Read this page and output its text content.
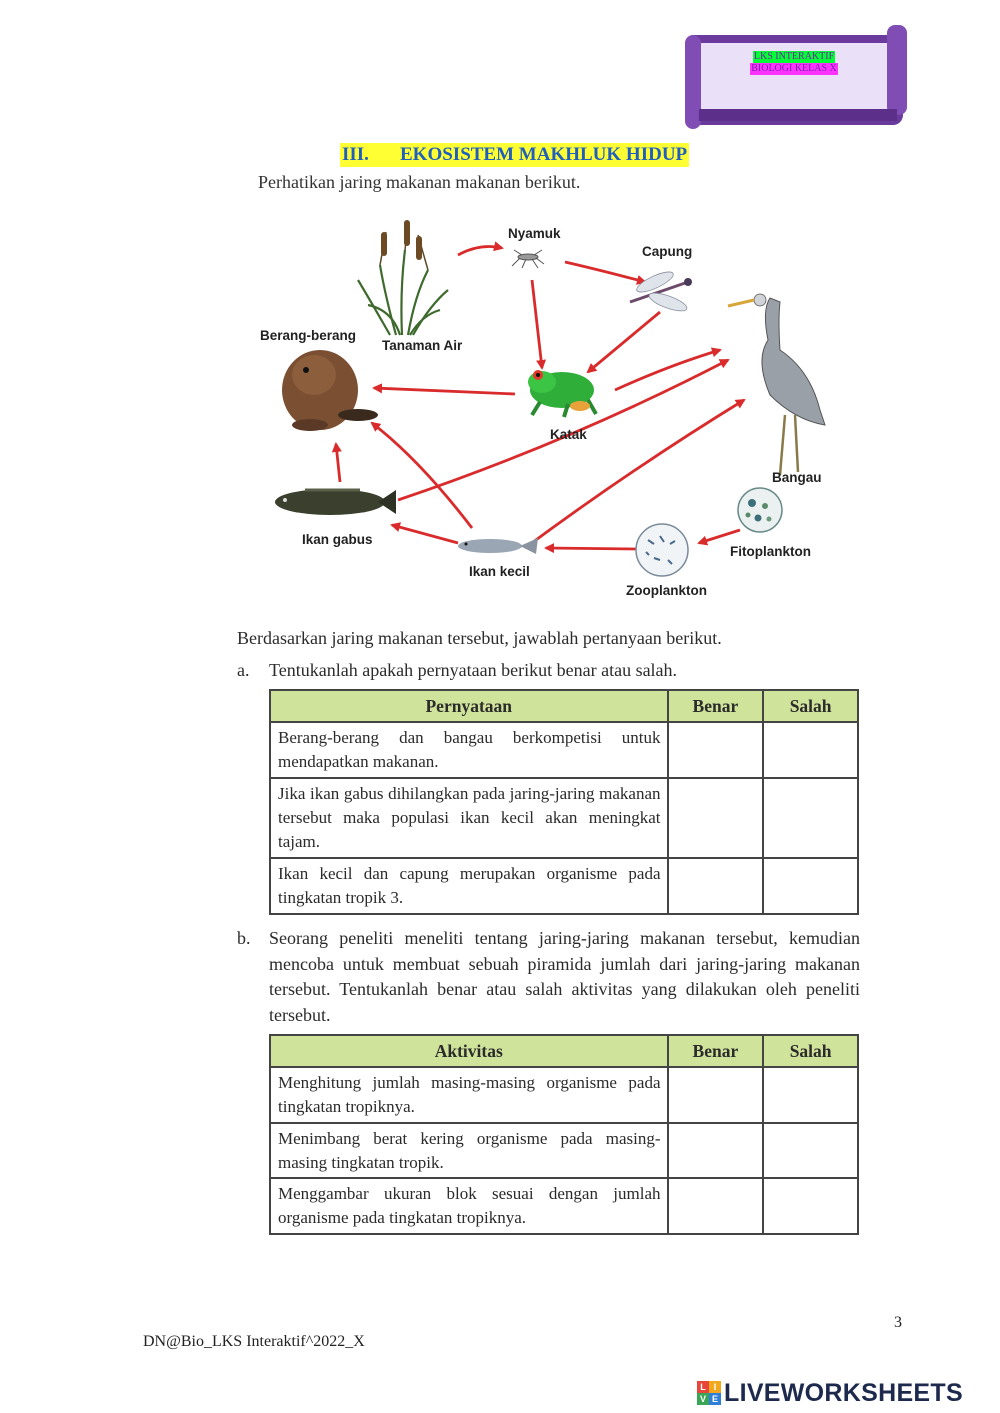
LKS INTERAKTIF
BIOLOGI KELAS X
III. EKOSISTEM MAKHLUK HIDUP
Perhatikan jaring makanan makanan berikut.
Tanaman Air
Nyamuk
Capung
Berang-berang
Katak
Bangau
Fitoplankton
Zooplankton
Ikan kecil
Ikan gabus
Berdasarkan jaring makanan tersebut, jawablah pertanyaan berikut.
a. Tentukanlah apakah pernyataan berikut benar atau salah.
Pernyataan	Benar	Salah
Berang-berang dan bangau berkompetisi untuk mendapatkan makanan.		
Jika ikan gabus dihilangkan pada jaring-jaring makanan tersebut maka populasi ikan kecil akan meningkat tajam.		
Ikan kecil dan capung merupakan organisme pada tingkatan tropik 3.		
b. Seorang peneliti meneliti tentang jaring-jaring makanan tersebut, kemudian mencoba untuk membuat sebuah piramida jumlah dari jaring-jaring makanan tersebut. Tentukanlah benar atau salah aktivitas yang dilakukan oleh peneliti tersebut.
Aktivitas	Benar	Salah
Menghitung jumlah masing-masing organisme pada tingkatan tropiknya.		
Menimbang berat kering organisme pada masing-masing tingkatan tropik.		
Menggambar ukuran blok sesuai dengan jumlah organisme pada tingkatan tropiknya.		
3
DN@Bio_LKS Interaktif^2022_X
L I
V E LIVEWORKSHEETS
